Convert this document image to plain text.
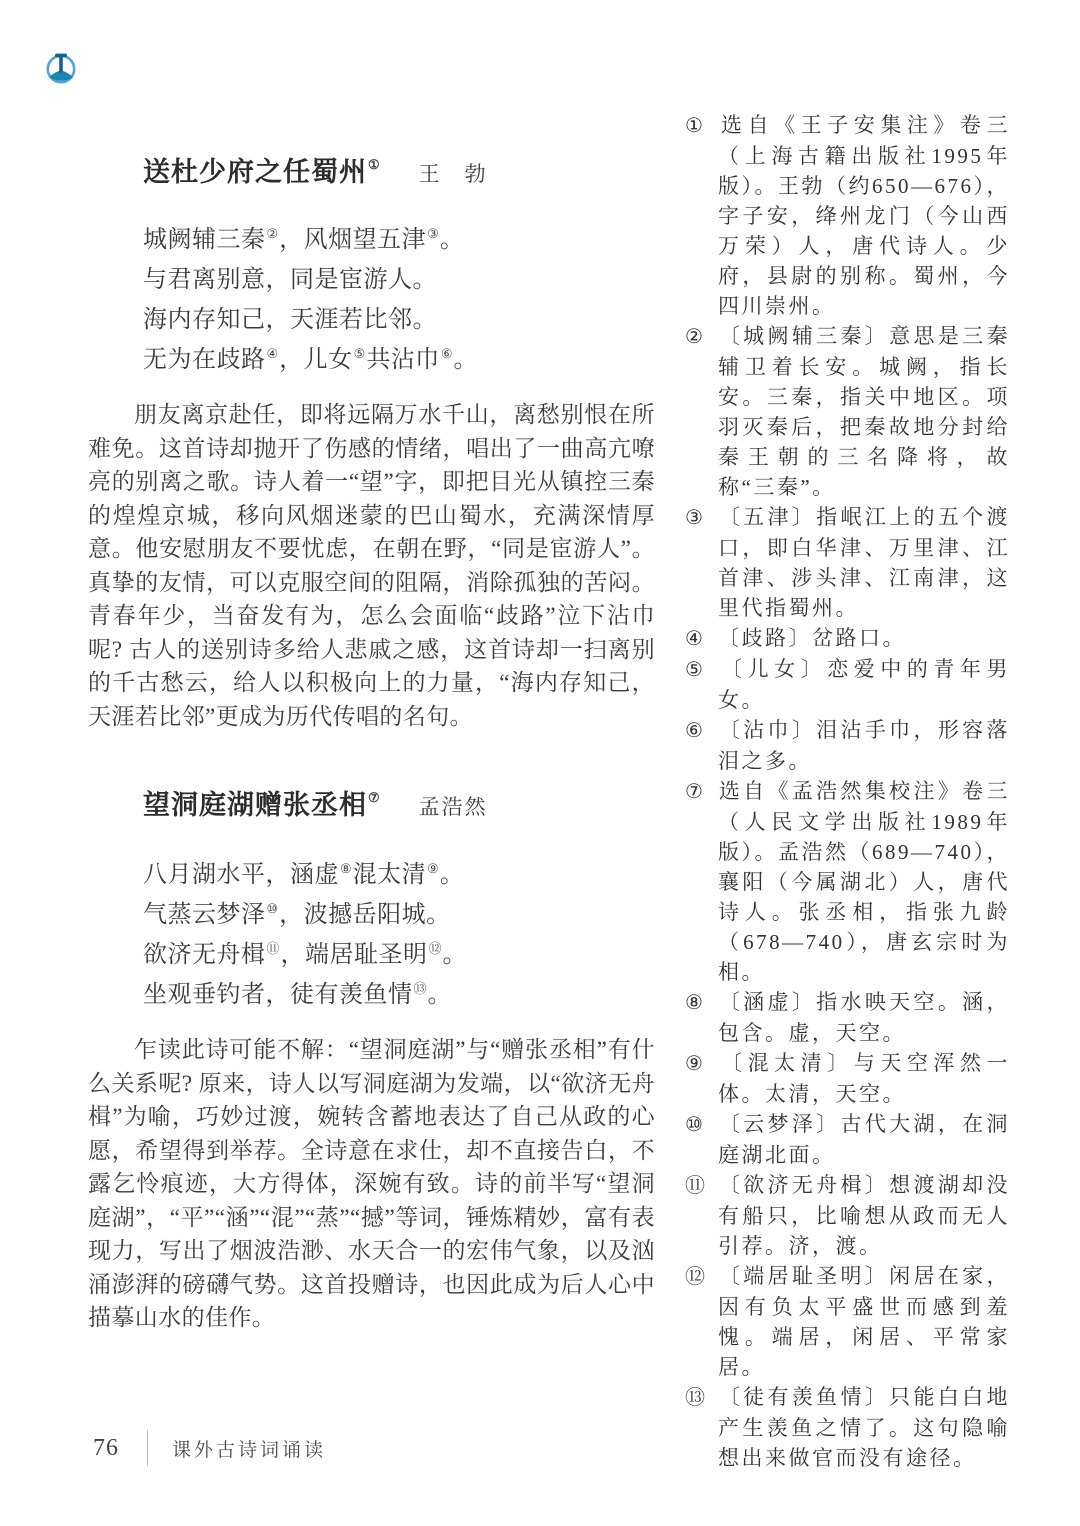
送杜少府之任蜀州① 王　勃
城阙辅三秦②，风烟望五津③。
与君离别意，同是宦游人。
海内存知己，天涯若比邻。
无为在歧路④，儿女⑤共沾巾⑥。

朋友离京赴任，即将远隔万水千山，离愁别恨在所难免。这首诗却抛开了伤感的情绪，唱出了一曲高亢嘹亮的别离之歌。诗人着一“望”字，即把目光从镇控三秦的煌煌京城，移向风烟迷蒙的巴山蜀水，充满深情厚意。他安慰朋友不要忧虑，在朝在野，“同是宦游人”。真挚的友情，可以克服空间的阻隔，消除孤独的苦闷。青春年少，当奋发有为，怎么会面临“歧路”泣下沾巾呢? 古人的送别诗多给人悲戚之感，这首诗却一扫离别的千古愁云，给人以积极向上的力量，“海内存知己，天涯若比邻”更成为历代传唱的名句。

望洞庭湖赠张丞相⑦ 孟浩然
八月湖水平，涵虚⑧混太清⑨。
气蒸云梦泽⑩，波撼岳阳城。
欲济无舟楫⑪，端居耻圣明⑫。
坐观垂钓者，徒有羡鱼情⑬。

乍读此诗可能不解：“望洞庭湖”与“赠张丞相”有什么关系呢? 原来，诗人以写洞庭湖为发端，以“欲济无舟楫”为喻，巧妙过渡，婉转含蓄地表达了自己从政的心愿，希望得到举荐。全诗意在求仕，却不直接告白，不露乞怜痕迹，大方得体，深婉有致。诗的前半写“望洞庭湖”，“平”“涵”“混”“蒸”“撼”等词，锤炼精妙，富有表现力，写出了烟波浩渺、水天合一的宏伟气象，以及汹涌澎湃的磅礴气势。这首投赠诗，也因此成为后人心中描摹山水的佳作。

① 选自《王子安集注》卷三（上海古籍出版社1995年版）。王勃（约650—676），字子安，绛州龙门（今山西万荣）人，唐代诗人。少府，县尉的别称。蜀州，今四川崇州。
② 〔城阙辅三秦〕意思是三秦辅卫着长安。城阙，指长安。三秦，指关中地区。项羽灭秦后，把秦故地分封给秦王朝的三名降将，故称“三秦”。
③ 〔五津〕指岷江上的五个渡口，即白华津、万里津、江首津、涉头津、江南津，这里代指蜀州。
④ 〔歧路〕岔路口。
⑤ 〔儿女〕恋爱中的青年男女。
⑥ 〔沾巾〕泪沾手巾，形容落泪之多。
⑦ 选自《孟浩然集校注》卷三（人民文学出版社1989年版）。孟浩然（689—740），襄阳（今属湖北）人，唐代诗人。张丞相，指张九龄（678—740），唐玄宗时为相。
⑧ 〔涵虚〕指水映天空。涵，包含。虚，天空。
⑨ 〔混太清〕与天空浑然一体。太清，天空。
⑩ 〔云梦泽〕古代大湖，在洞庭湖北面。
⑪ 〔欲济无舟楫〕想渡湖却没有船只，比喻想从政而无人引荐。济，渡。
⑫ 〔端居耻圣明〕闲居在家，因有负太平盛世而感到羞愧。端居，闲居、平常家居。
⑬ 〔徒有羡鱼情〕只能白白地产生羡鱼之情了。这句隐喻想出来做官而没有途径。
76	课外古诗词诵读
